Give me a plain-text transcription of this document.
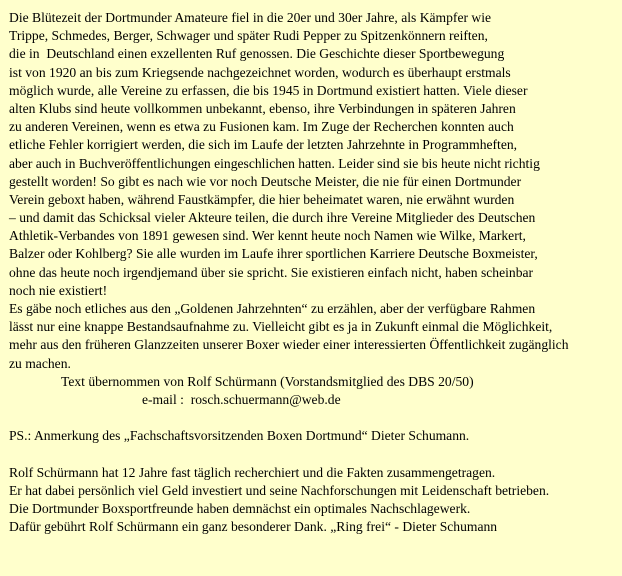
Die Blütezeit der Dortmunder Amateure fiel in die 20er und 30er Jahre, als Kämpfer wie
Trippe, Schmedes, Berger, Schwager und später Rudi Pepper zu Spitzenkönnern reiften,
die in  Deutschland einen exzellenten Ruf genossen. Die Geschichte dieser Sportbewegung
ist von 1920 an bis zum Kriegsende nachgezeichnet worden, wodurch es überhaupt erstmals
möglich wurde, alle Vereine zu erfassen, die bis 1945 in Dortmund existiert hatten. Viele dieser
alten Klubs sind heute vollkommen unbekannt, ebenso, ihre Verbindungen in späteren Jahren
zu anderen Vereinen, wenn es etwa zu Fusionen kam. Im Zuge der Recherchen konnten auch
etliche Fehler korrigiert werden, die sich im Laufe der letzten Jahrzehnte in Programmheften,
aber auch in Buchveröffentlichungen eingeschlichen hatten. Leider sind sie bis heute nicht richtig
gestellt worden! So gibt es nach wie vor noch Deutsche Meister, die nie für einen Dortmunder
Verein geboxt haben, während Faustkämpfer, die hier beheimatet waren, nie erwähnt wurden
– und damit das Schicksal vieler Akteure teilen, die durch ihre Vereine Mitglieder des Deutschen
Athletik-Verbandes von 1891 gewesen sind. Wer kennt heute noch Namen wie Wilke, Markert,
Balzer oder Kohlberg? Sie alle wurden im Laufe ihrer sportlichen Karriere Deutsche Boxmeister,
ohne das heute noch irgendjemand über sie spricht. Sie existieren einfach nicht, haben scheinbar
noch nie existiert!
Es gäbe noch etliches aus den „Goldenen Jahrzehnten“ zu erzählen, aber der verfügbare Rahmen
lässt nur eine knappe Bestandsaufnahme zu. Vielleicht gibt es ja in Zukunft einmal die Möglichkeit,
mehr aus den früheren Glanzzeiten unserer Boxer wieder einer interessierten Öffentlichkeit zugänglich
zu machen.
Text übernommen von Rolf Schürmann (Vorstandsmitglied des DBS 20/50)
e-mail : rosch.schuermann@web.de
PS.: Anmerkung des „Fachschaftsvorsitzenden Boxen Dortmund“ Dieter Schumann.
Rolf Schürmann hat 12 Jahre fast täglich recherchiert und die Fakten zusammengetragen.
Er hat dabei persönlich viel Geld investiert und seine Nachforschungen mit Leidenschaft betrieben.
Die Dortmunder Boxsportfreunde haben demnächst ein optimales Nachschlagewerk.
Dafür gebührt Rolf Schürmann ein ganz besonderer Dank. „Ring frei“ - Dieter Schumann
